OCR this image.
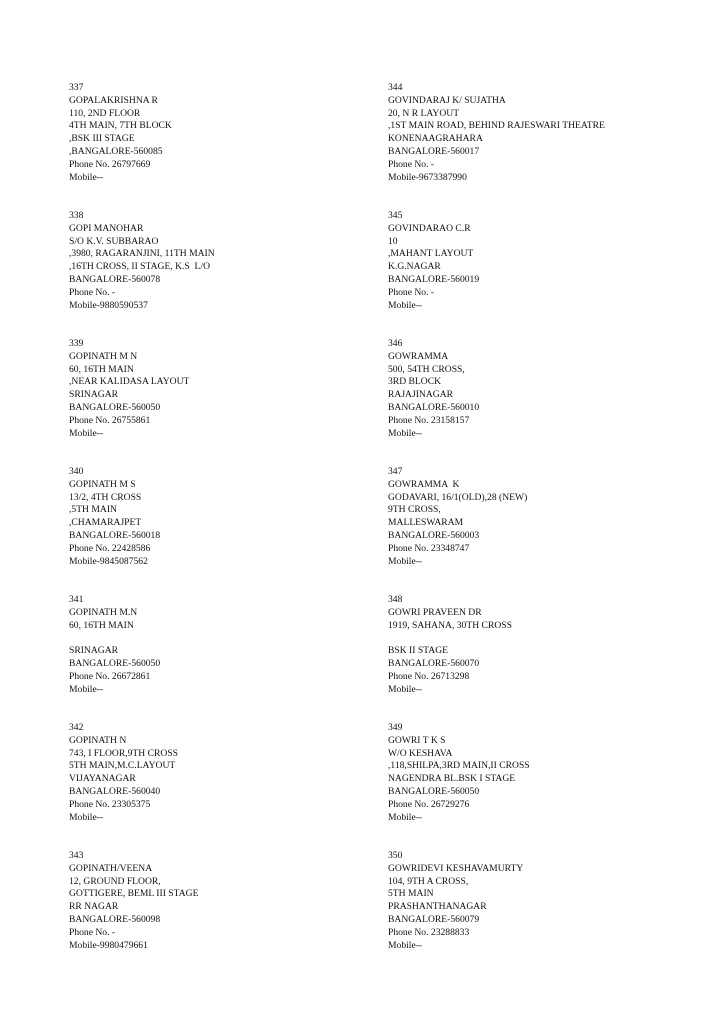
337
GOPALAKRISHNA R
110, 2ND FLOOR
4TH MAIN, 7TH BLOCK
,BSK III STAGE
,BANGALORE-560085
Phone No. 26797669
Mobile--
338
GOPI MANOHAR
S/O K.V. SUBBARAO
,3980, RAGARANJINI, 11TH MAIN
,16TH CROSS, II STAGE, K.S  L/O
BANGALORE-560078
Phone No. -
Mobile-9880590537
339
GOPINATH M N
60, 16TH MAIN
,NEAR KALIDASA LAYOUT
SRINAGAR
BANGALORE-560050
Phone No. 26755861
Mobile--
340
GOPINATH M S
13/2, 4TH CROSS
,5TH MAIN
,CHAMARAJPET
BANGALORE-560018
Phone No. 22428586
Mobile-9845087562
341
GOPINATH M.N
60, 16TH MAIN
SRINAGAR
BANGALORE-560050
Phone No. 26672861
Mobile--
342
GOPINATH N
743, I FLOOR,9TH CROSS
5TH MAIN,M.C.LAYOUT
VIJAYANAGAR
BANGALORE-560040
Phone No. 23305375
Mobile--
343
GOPINATH/VEENA
12, GROUND FLOOR,
GOTTIGERE, BEML III STAGE
RR NAGAR
BANGALORE-560098
Phone No. -
Mobile-9980479661
344
GOVINDARAJ K/ SUJATHA
20, N R LAYOUT
,1ST MAIN ROAD, BEHIND RAJESWARI THEATRE
KONENAAGRAHARA
BANGALORE-560017
Phone No. -
Mobile-9673387990
345
GOVINDARAO C.R
10
,MAHANT LAYOUT
K.G.NAGAR
BANGALORE-560019
Phone No. -
Mobile--
346
GOWRAMMA
500, 54TH CROSS,
3RD BLOCK
RAJAJINAGAR
BANGALORE-560010
Phone No. 23158157
Mobile--
347
GOWRAMMA  K
GODAVARI, 16/1(OLD),28 (NEW)
9TH CROSS,
MALLESWARAM
BANGALORE-560003
Phone No. 23348747
Mobile--
348
GOWRI PRAVEEN DR
1919, SAHANA, 30TH CROSS
BSK II STAGE
BANGALORE-560070
Phone No. 26713298
Mobile--
349
GOWRI T K S
W/O KESHAVA
,118,SHILPA,3RD MAIN,II CROSS
NAGENDRA BL.BSK I STAGE
BANGALORE-560050
Phone No. 26729276
Mobile--
350
GOWRIDEVI KESHAVAMURTY
104, 9TH A CROSS,
5TH MAIN
PRASHANTHANAGAR
BANGALORE-560079
Phone No. 23288833
Mobile--
